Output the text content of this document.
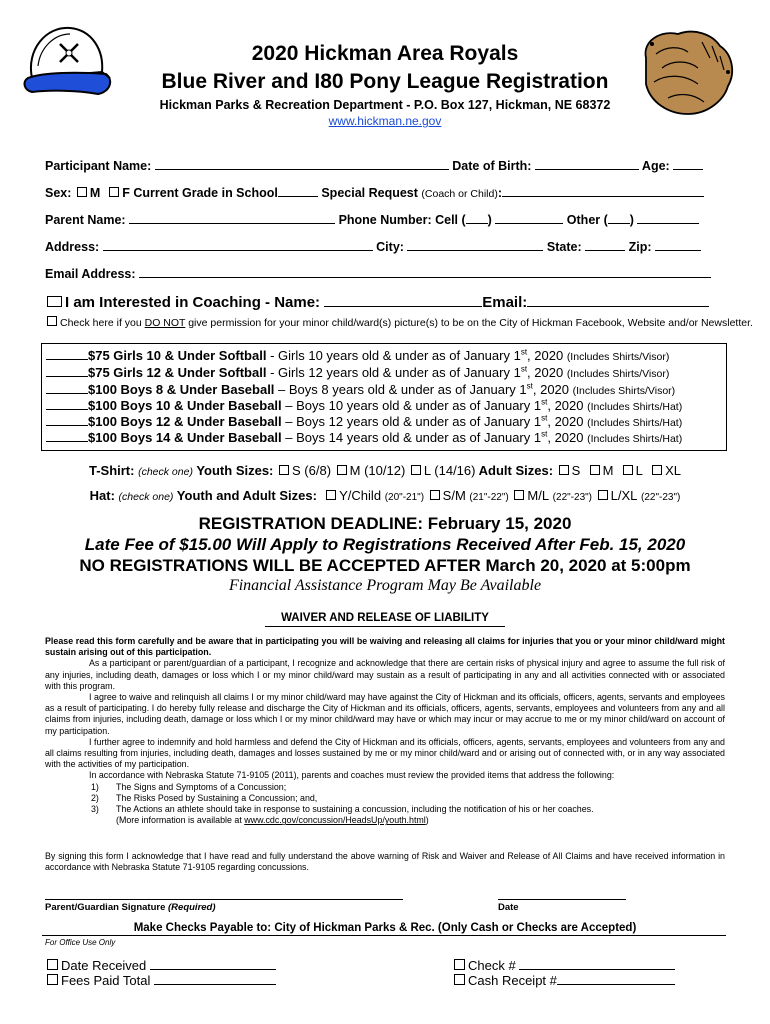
2020 Hickman Area Royals
Blue River and I80 Pony League Registration
Hickman Parks & Recreation Department - P.O. Box 127, Hickman, NE 68372
www.hickman.ne.gov
Participant Name:	Date of Birth:	Age:
Sex: M F Current Grade in School	Special Request (Coach or Child):
Parent Name:	Phone Number: Cell ( )	Other ( )
Address:	City:	State:	Zip:
Email Address:
I am Interested in Coaching - Name:	Email:
Check here if you DO NOT give permission for your minor child/ward(s) picture(s) to be on the City of Hickman Facebook, Website and/or Newsletter.
$75 Girls 10 & Under Softball - Girls 10 years old & under as of January 1st, 2020 (Includes Shirts/Visor)
$75 Girls 12 & Under Softball - Girls 12 years old & under as of January 1st, 2020 (Includes Shirts/Visor)
$100 Boys 8 & Under Baseball – Boys 8 years old & under as of January 1st, 2020 (Includes Shirts/Visor)
$100 Boys 10 & Under Baseball – Boys 10 years old & under as of January 1st, 2020 (Includes Shirts/Hat)
$100 Boys 12 & Under Baseball – Boys 12 years old & under as of January 1st, 2020 (Includes Shirts/Hat)
$100 Boys 14 & Under Baseball – Boys 14 years old & under as of January 1st, 2020 (Includes Shirts/Hat)
T-Shirt: (check one) Youth Sizes: S (6/8) M (10/12) L (14/16) Adult Sizes: S M L XL
Hat: (check one) Youth and Adult Sizes: Y/Child (20"-21") S/M (21"-22") M/L (22"-23") L/XL (22"-23")
REGISTRATION DEADLINE: February 15, 2020
Late Fee of $15.00 Will Apply to Registrations Received After Feb. 15, 2020
NO REGISTRATIONS WILL BE ACCEPTED AFTER March 20, 2020 at 5:00pm
Financial Assistance Program May Be Available
WAIVER AND RELEASE OF LIABILITY

Please read this form carefully and be aware that in participating you will be waiving and releasing all claims for injuries that you or your minor child/ward might sustain arising out of this participation.

As a participant or parent/guardian of a participant, I recognize and acknowledge that there are certain risks of physical injury and agree to assume the full risk of any injuries, including death, damages or loss which I or my minor child/ward may sustain as a result of participating in any and all activities connected with or associated with this program.

I agree to waive and relinquish all claims I or my minor child/ward may have against the City of Hickman and its officials, officers, agents, servants and employees as a result of participating. I do hereby fully release and discharge the City of Hickman and its officials, officers, agents, servants, employees and volunteers from any and all claims from injuries, including death, damage or loss which I or my minor child/ward may have or which may incur or may accrue to me or my minor child/ward on account of my participation.

I further agree to indemnify and hold harmless and defend the City of Hickman and its officials, officers, agents, servants, employees and volunteers from any and all claims resulting from injuries, including death, damages and losses sustained by me or my minor child/ward and or arising out of connected with, or in any way associated with the activities of my participation.

In accordance with Nebraska Statute 71-9105 (2011), parents and coaches must review the provided items that address the following:

1) The Signs and Symptoms of a Concussion;
2) The Risks Posed by Sustaining a Concussion; and,
3) The Actions an athlete should take in response to sustaining a concussion, including the notification of his or her coaches.
(More information is available at www.cdc.gov/concussion/HeadsUp/youth.html)
By signing this form I acknowledge that I have read and fully understand the above warning of Risk and Waiver and Release of All Claims and have received information in accordance with Nebraska Statute 71-9105 regarding concussions.
Parent/Guardian Signature (Required)	Date
Make Checks Payable to: City of Hickman Parks & Rec. (Only Cash or Checks are Accepted)
For Office Use Only
Date Received
Fees Paid Total
Check #
Cash Receipt #
